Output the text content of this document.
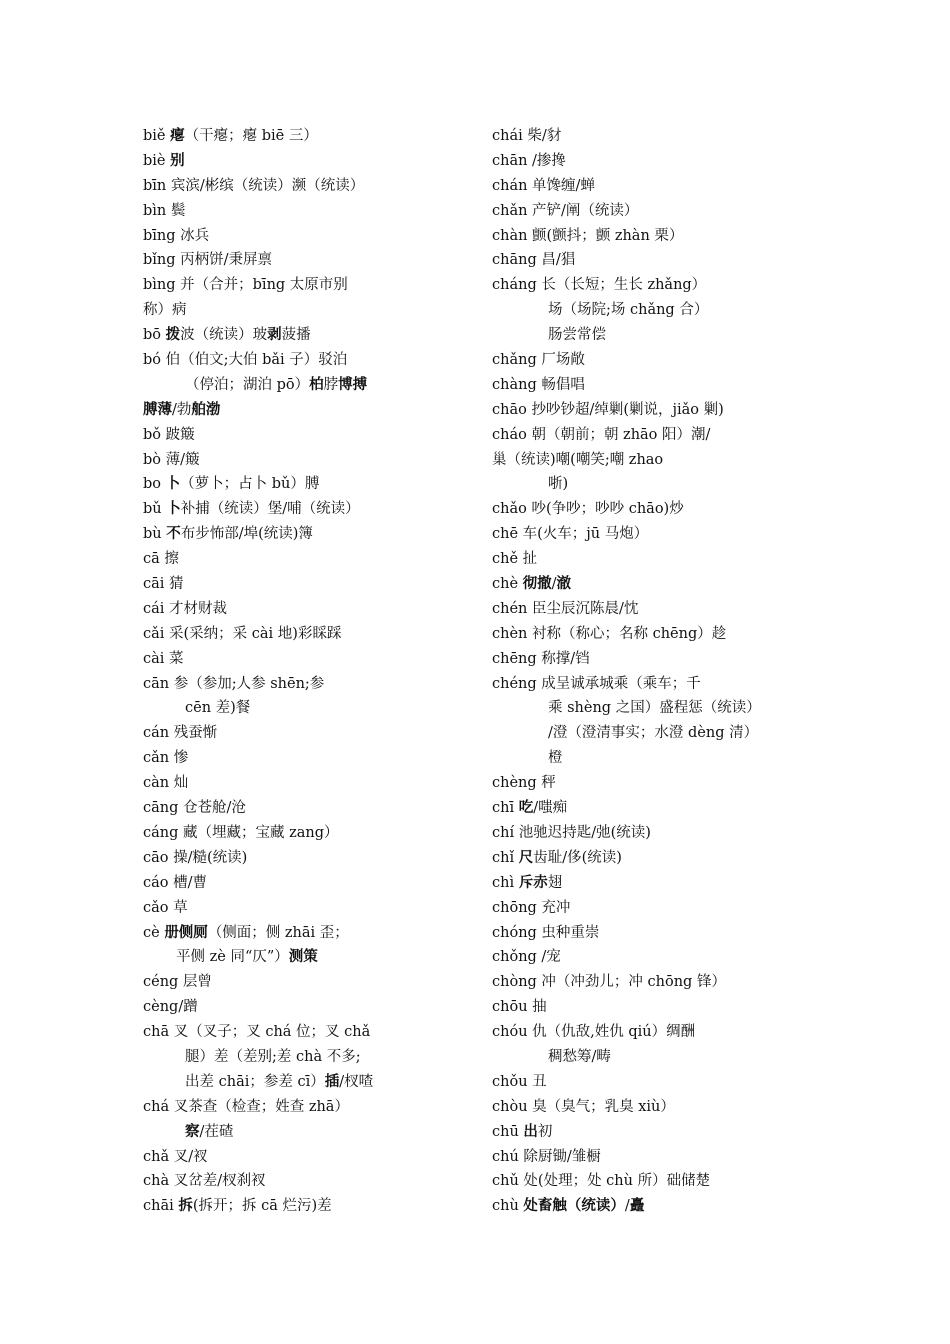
biě 瘪（干瘪；瘪 biē 三）
biè 别
bīn 宾滨/彬缤（统读）濒（统读）
bìn 鬓
bīng 冰兵
bǐng 丙柄饼/秉屏禀
bìng 并（合并；bīng 太原市别
称）病
bō 拨波（统读）玻剥菠播
bó 伯（伯文;大伯 bǎi 子）驳泊
（停泊；湖泊 pō）柏脖博搏
膊薄/勃舶渤
bǒ 跛簸
bò 薄/簸
bo 卜（萝卜；占卜 bǔ）膊
bǔ 卜补捕（统读）堡/哺（统读）
bù 不布步怖部/埠(统读)簿
cā 擦
cāi 猜
cái 才材财裁
cǎi 采(采纳；采 cài 地)彩睬踩
cài 菜
cān 参（参加;人参 shēn;参
cēn 差)餐
cán 残蚕惭
cǎn 惨
càn 灿
cāng 仓苍舱/沧
cáng 藏（埋藏；宝藏 zang）
cāo 操/糙(统读)
cáo 槽/曹
cǎo 草
cè 册侧厕（侧面；侧 zhāi 歪；
平侧 zè 同“仄”）测策
céng 层曾
cèng/蹭
chā 叉（叉子；叉 chá 位；叉 chǎ
腿）差（差别;差 chà 不多;
出差 chāi；参差 cī）插/杈喳
chá 叉茶查（检查；姓查 zhā）
察/茬碴
chǎ 叉/衩
chà 叉岔差/杈刹衩
chāi 拆(拆开；拆 cā 烂污)差
chái 柴/豺
chān /掺搀
chán 单馋缠/蝉
chǎn 产铲/阐（统读）
chàn 颤(颤抖；颤 zhàn 栗）
chāng 昌/猖
cháng 长（长短；生长 zhǎng）
场（场院;场 chǎng 合）
肠尝常偿
chǎng 厂场敞
chàng 畅倡唱
chāo 抄吵钞超/绰剿(剿说，jiǎo 剿)
cháo 朝（朝前；朝 zhāo 阳）潮/
巢（统读)嘲(嘲笑;嘲 zhao
哳)
chǎo 吵(争吵；吵吵 chāo)炒
chē 车(火车；jū 马炮）
chě 扯
chè 彻撤/澈
chén 臣尘辰沉陈晨/忱
chèn 衬称（称心；名称 chēng）趁
chēng 称撑/铛
chéng 成呈诚承城乘（乘车；千
乘 shèng 之国）盛程惩（统读）
/澄（澄清事实；水澄 dèng 清）
橙
chèng 秤
chī 吃/嗤痴
chí 池驰迟持匙/弛(统读)
chǐ 尺齿耻/侈(统读)
chì 斥赤翅
chōng 充冲
chóng 虫种重崇
chǒng /宠
chòng 冲（冲劲儿；冲 chōng 锋）
chōu 抽
chóu 仇（仇敌,姓仇 qiú）绸酬
稠愁筹/畴
chǒu 丑
chòu 臭（臭气；乳臭 xiù）
chū 出初
chú 除厨锄/雏橱
chǔ 处(处理；处 chù 所）础储楚
chù 处畜触（统读）/矗
